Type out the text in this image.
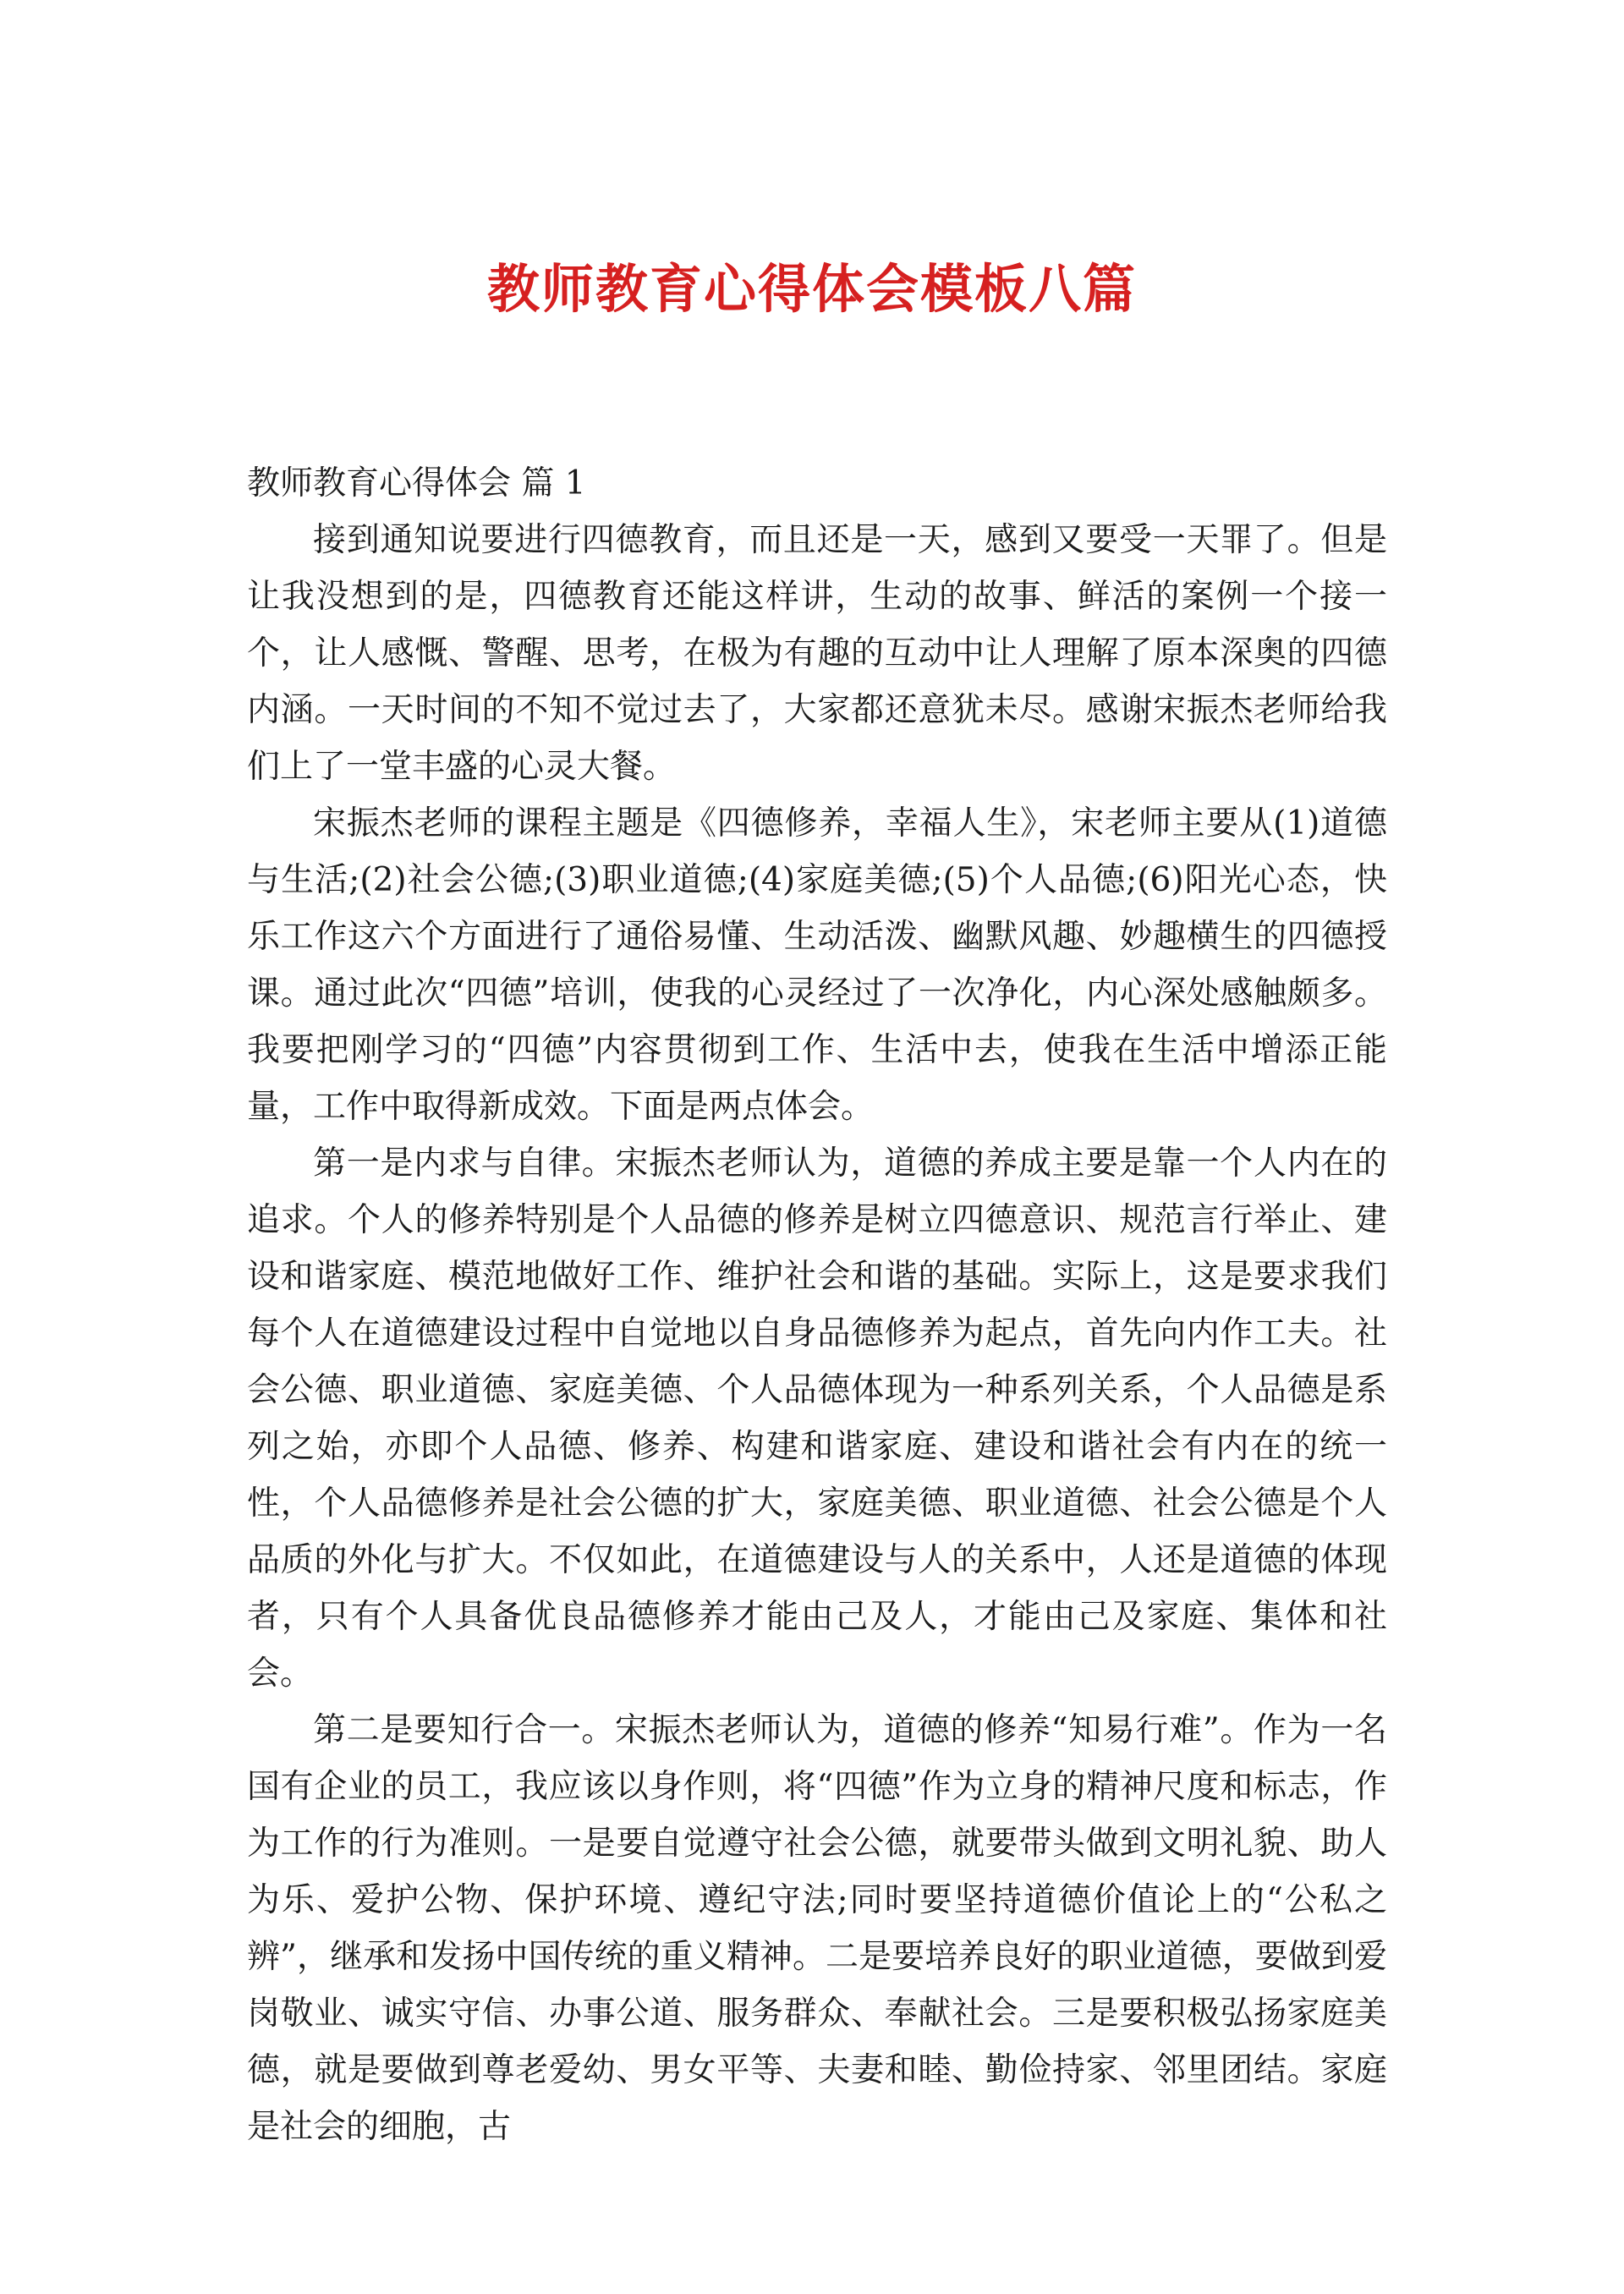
教师教育心得体会模板八篇

教师教育心得体会 篇 1

接到通知说要进行四德教育，而且还是一天，感到又要受一天罪了。但是让我没想到的是，四德教育还能这样讲，生动的故事、鲜活的案例一个接一个，让人感慨、警醒、思考，在极为有趣的互动中让人理解了原本深奥的四德内涵。一天时间的不知不觉过去了，大家都还意犹未尽。感谢宋振杰老师给我们上了一堂丰盛的心灵大餐。

宋振杰老师的课程主题是《四德修养，幸福人生》，宋老师主要从(1)道德与生活;(2)社会公德;(3)职业道德;(4)家庭美德;(5)个人品德;(6)阳光心态，快乐工作这六个方面进行了通俗易懂、生动活泼、幽默风趣、妙趣横生的四德授课。通过此次“四德”培训，使我的心灵经过了一次净化，内心深处感触颇多。我要把刚学习的“四德”内容贯彻到工作、生活中去，使我在生活中增添正能量，工作中取得新成效。下面是两点体会。

第一是内求与自律。宋振杰老师认为，道德的养成主要是靠一个人内在的追求。个人的修养特别是个人品德的修养是树立四德意识、规范言行举止、建设和谐家庭、模范地做好工作、维护社会和谐的基础。实际上，这是要求我们每个人在道德建设过程中自觉地以自身品德修养为起点，首先向内作工夫。社会公德、职业道德、家庭美德、个人品德体现为一种系列关系，个人品德是系列之始，亦即个人品德、修养、构建和谐家庭、建设和谐社会有内在的统一性，个人品德修养是社会公德的扩大，家庭美德、职业道德、社会公德是个人品质的外化与扩大。不仅如此，在道德建设与人的关系中，人还是道德的体现者，只有个人具备优良品德修养才能由己及人，才能由己及家庭、集体和社会。

第二是要知行合一。宋振杰老师认为，道德的修养“知易行难”。作为一名国有企业的员工，我应该以身作则，将“四德”作为立身的精神尺度和标志，作为工作的行为准则。一是要自觉遵守社会公德，就要带头做到文明礼貌、助人为乐、爱护公物、保护环境、遵纪守法;同时要坚持道德价值论上的“公私之辨”，继承和发扬中国传统的重义精神。二是要培养良好的职业道德，要做到爱岗敬业、诚实守信、办事公道、服务群众、奉献社会。三是要积极弘扬家庭美德，就是要做到尊老爱幼、男女平等、夫妻和睦、勤俭持家、邻里团结。家庭是社会的细胞，古
